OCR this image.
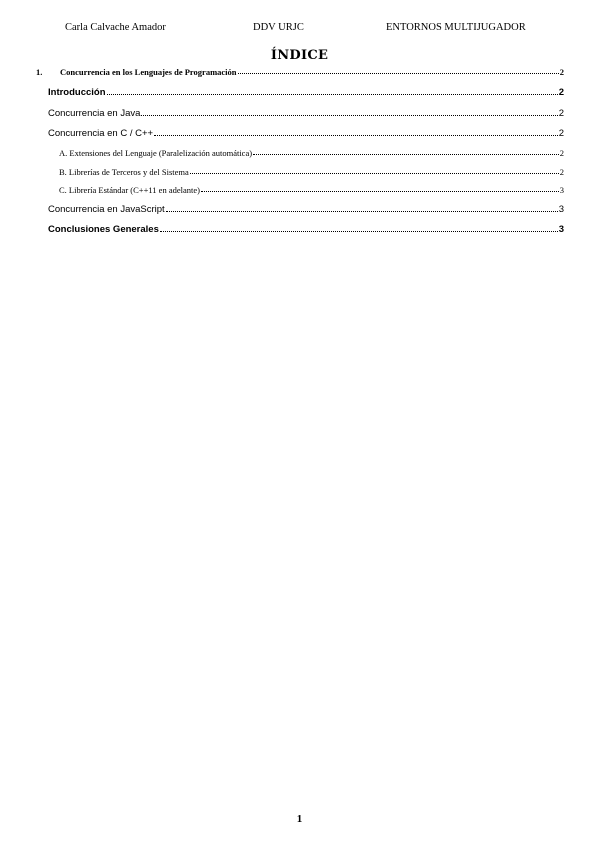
Carla Calvache Amador	DDV URJC	ENTORNOS MULTIJUGADOR
ÍNDICE
1.	Concurrencia en los Lenguajes de Programación	2
Introducción	2
Concurrencia en Java	2
Concurrencia en C / C++	2
A. Extensiones del Lenguaje (Paralelización automática)	2
B. Librerías de Terceros y del Sistema	2
C. Librería Estándar (C++11 en adelante)	3
Concurrencia en JavaScript	3
Conclusiones Generales	3
1
